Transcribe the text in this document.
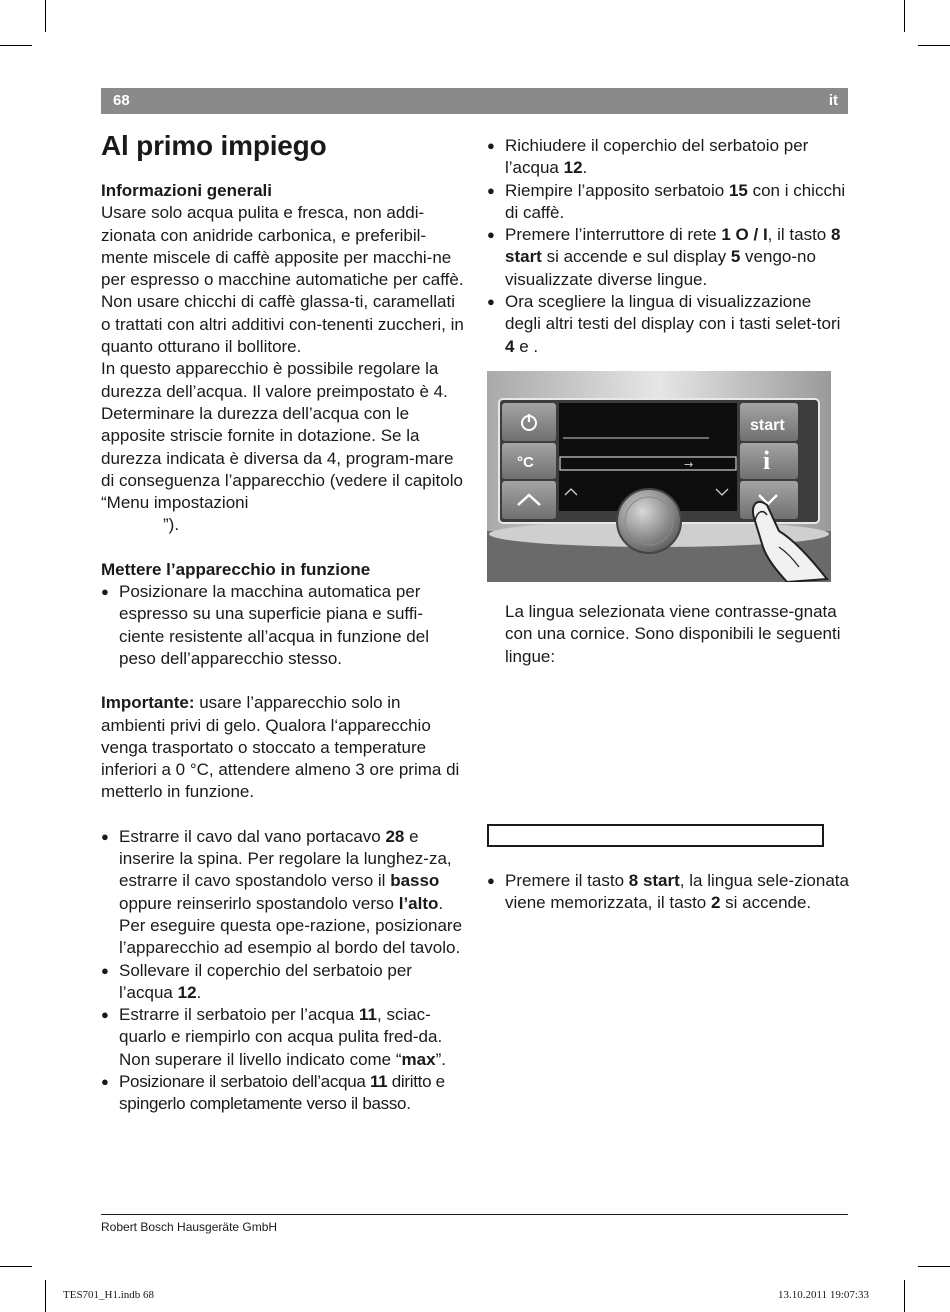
68	it
Al primo impiego

Informazioni generali

Usare solo acqua pulita e fresca, non addi-zionata con anidride carbonica, e preferibil-mente miscele di caffè apposite per macchi-ne per espresso o macchine automatiche per caffè. Non usare chicchi di caffè glassa-ti, caramellati o trattati con altri additivi con-tenenti zuccheri, in quanto otturano il bollitore.

In questo apparecchio è possibile regolare la durezza dell’acqua. Il valore preimpostato è 4. Determinare la durezza dell’acqua con le apposite striscie fornite in dotazione. Se la durezza indicata è diversa da 4, program-mare di conseguenza l’apparecchio (vedere il capitolo “Menu impostazioni

”).

Mettere l’apparecchio in funzione

● Posizionare la macchina automatica per espresso su una superficie piana e suffi-ciente resistente all’acqua in funzione del peso dell’apparecchio stesso.

Importante: usare l’apparecchio solo in ambienti privi di gelo. Qualora l‘apparecchio venga trasportato o stoccato a temperature inferiori a 0 °C, attendere almeno 3 ore prima di metterlo in funzione.

● Estrarre il cavo dal vano portacavo 28 e inserire la spina. Per regolare la lunghez-za, estrarre il cavo spostandolo verso il basso oppure reinserirlo spostandolo verso l’alto. Per eseguire questa ope-razione, posizionare l’apparecchio ad esempio al bordo del tavolo.

● Sollevare il coperchio del serbatoio per l’acqua 12.

● Estrarre il serbatoio per l’acqua 11, sciac-quarlo e riempirlo con acqua pulita fred-da. Non superare il livello indicato come “max”.

● Posizionare il serbatoio dell’acqua 11 diritto e spingerlo completamente verso il basso.

● Richiudere il coperchio del serbatoio per l’acqua 12.

● Riempire l’apposito serbatoio 15 con i chicchi di caffè.

● Premere l’interruttore di rete 1 O / I, il tasto 8 start si accende e sul display 5 vengo-no visualizzate diverse lingue.

● Ora scegliere la lingua di visualizzazione degli altri testi del display con i tasti selet-tori 4 e .

→
°C
start
i

La lingua selezionata viene contrasse-gnata con una cornice. Sono disponibili le seguenti lingue:

● Premere il tasto 8 start, la lingua sele-zionata viene memorizzata, il tasto 2 si accende.

Robert Bosch Hausgeräte GmbH
TES701_H1.indb 68	13.10.2011 19:07:33
